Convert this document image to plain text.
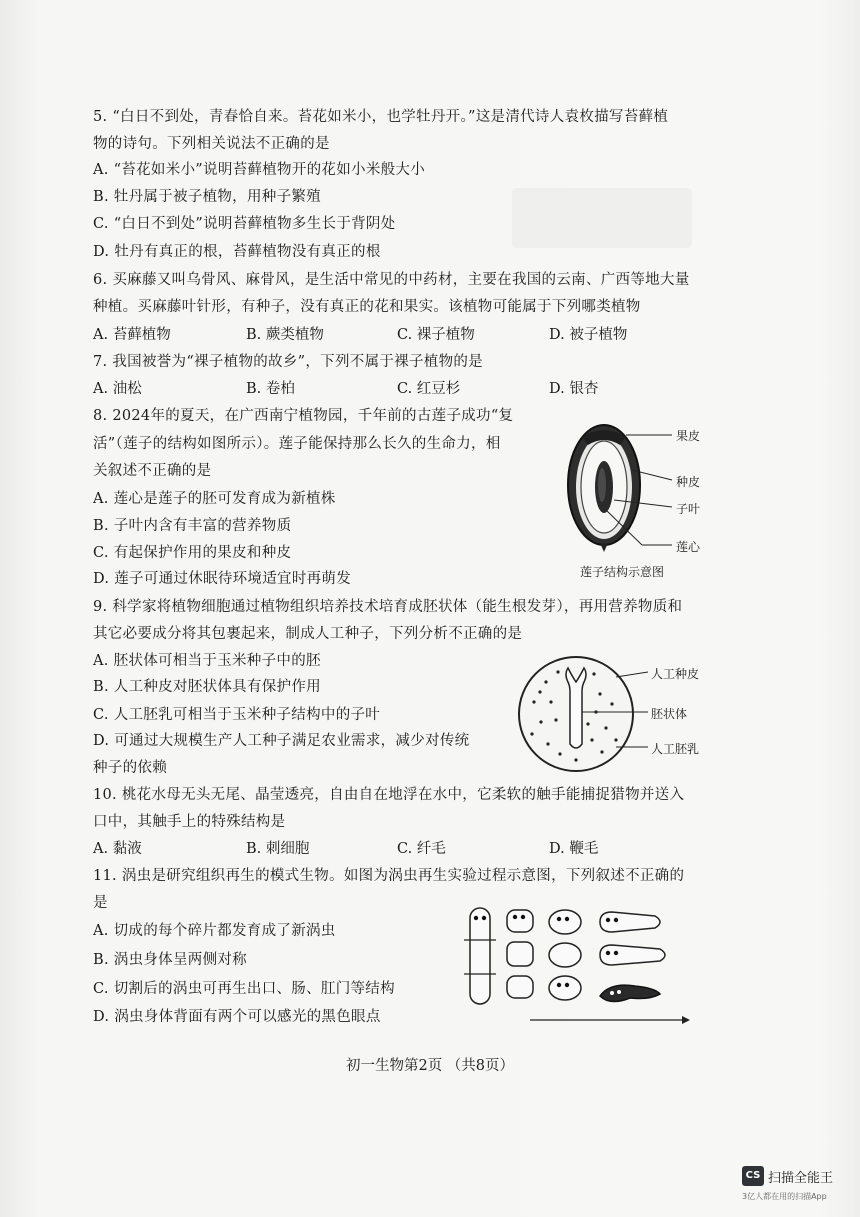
5. “白日不到处，青春恰自来。苔花如米小，也学牡丹开。”这是清代诗人袁枚描写苔藓植
物的诗句。下列相关说法不正确的是
A. “苔花如米小”说明苔藓植物开的花如小米般大小
B. 牡丹属于被子植物，用种子繁殖
C. “白日不到处”说明苔藓植物多生长于背阴处
D. 牡丹有真正的根，苔藓植物没有真正的根
6. 买麻藤又叫乌骨风、麻骨风，是生活中常见的中药材，主要在我国的云南、广西等地大量
种植。买麻藤叶针形，有种子，没有真正的花和果实。该植物可能属于下列哪类植物
A. 苔藓植物	B. 蕨类植物	C. 裸子植物	D. 被子植物
7. 我国被誉为“裸子植物的故乡”，下列不属于裸子植物的是
A. 油松	B. 卷柏	C. 红豆杉	D. 银杏
8. 2024年的夏天，在广西南宁植物园，千年前的古莲子成功“复
活”（莲子的结构如图所示）。莲子能保持那么长久的生命力，相
关叙述不正确的是
A. 莲心是莲子的胚可发育成为新植株
B. 子叶内含有丰富的营养物质
C. 有起保护作用的果皮和种皮
D. 莲子可通过休眠待环境适宜时再萌发
果皮
种皮
子叶
莲心
莲子结构示意图
9. 科学家将植物细胞通过植物组织培养技术培育成胚状体（能生根发芽），再用营养物质和
其它必要成分将其包裹起来，制成人工种子，下列分析不正确的是
A. 胚状体可相当于玉米种子中的胚
B. 人工种皮对胚状体具有保护作用
C. 人工胚乳可相当于玉米种子结构中的子叶
D. 可通过大规模生产人工种子满足农业需求，减少对传统
种子的依赖
人工种皮
胚状体
人工胚乳
10. 桃花水母无头无尾、晶莹透亮，自由自在地浮在水中，它柔软的触手能捕捉猎物并送入
口中，其触手上的特殊结构是
A. 黏液	B. 刺细胞	C. 纤毛	D. 鞭毛
11. 涡虫是研究组织再生的模式生物。如图为涡虫再生实验过程示意图，下列叙述不正确的
是
A. 切成的每个碎片都发育成了新涡虫
B. 涡虫身体呈两侧对称
C. 切割后的涡虫可再生出口、肠、肛门等结构
D. 涡虫身体背面有两个可以感光的黑色眼点
初一生物第2页 （共8页）
CS 扫描全能王
3亿人都在用的扫描App
